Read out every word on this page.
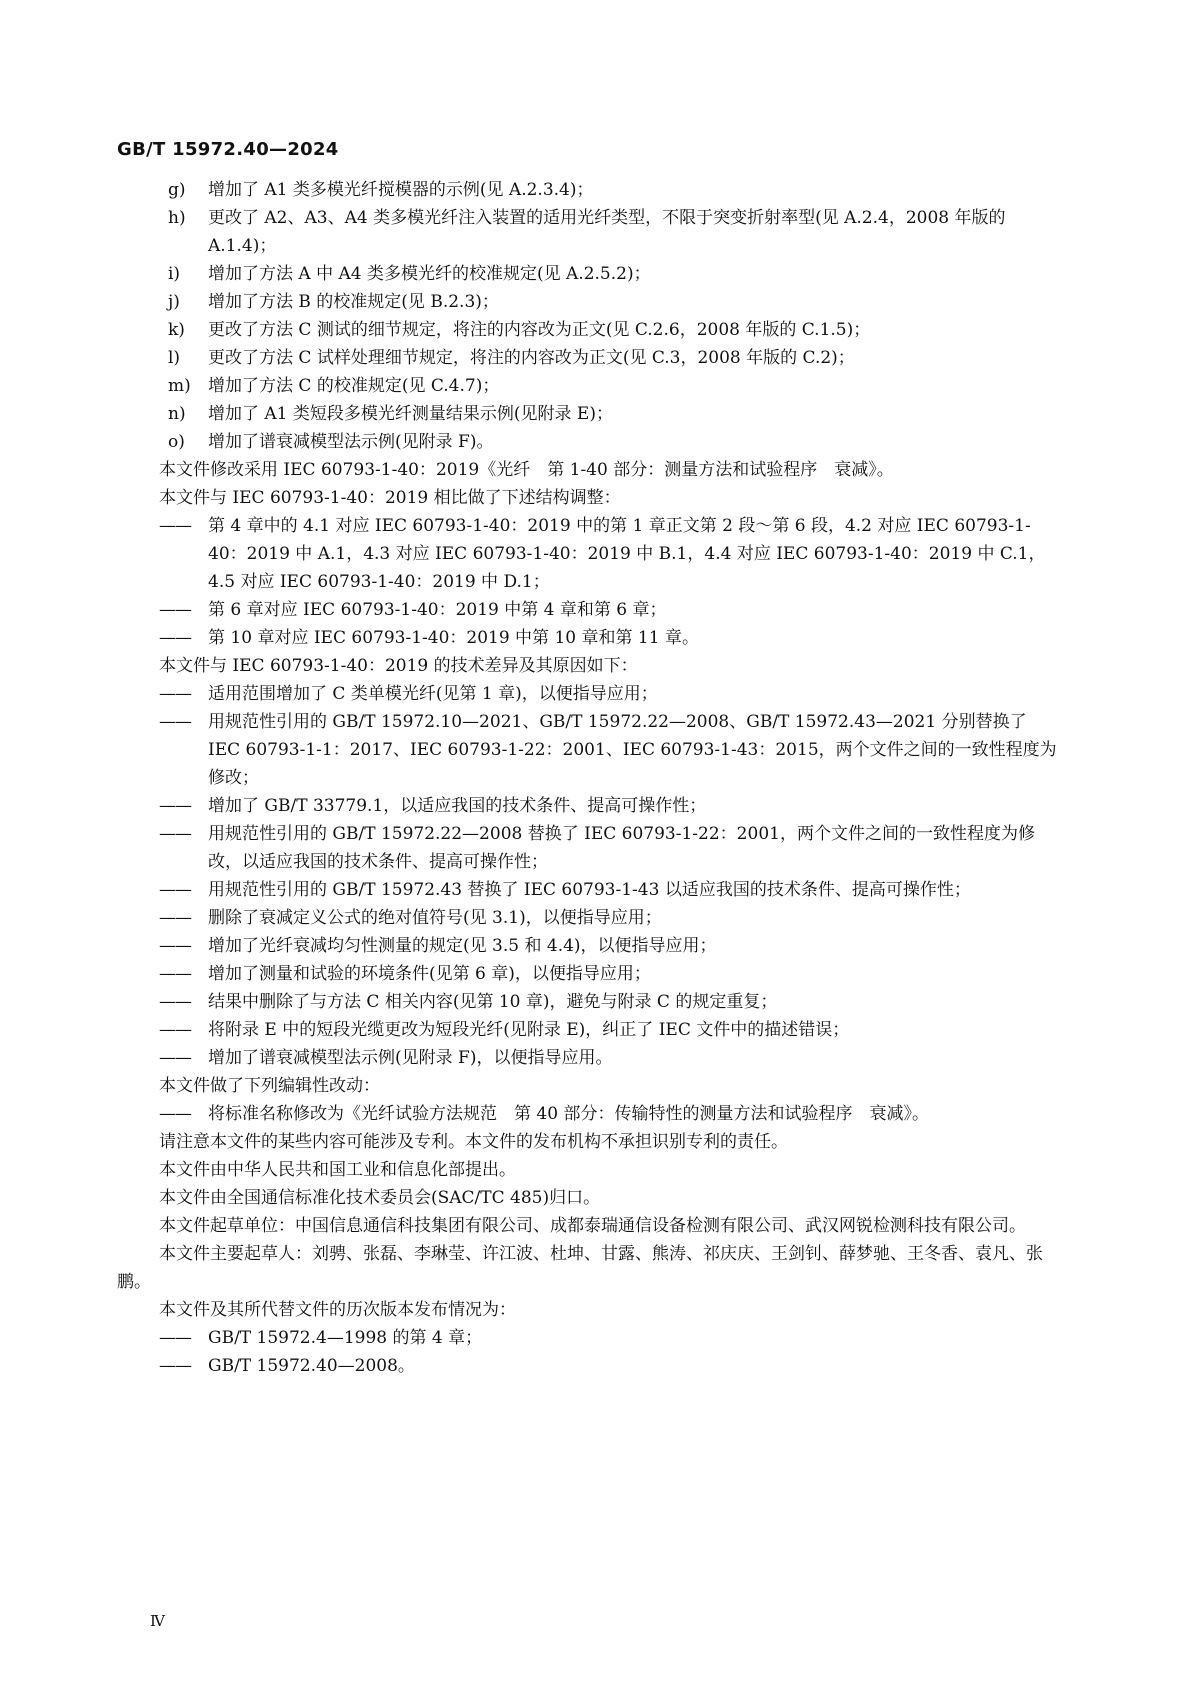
GB/T 15972.40—2024
g) 增加了 A1 类多模光纤搅模器的示例(见 A.2.3.4)；
h) 更改了 A2、A3、A4 类多模光纤注入装置的适用光纤类型，不限于突变折射率型(见 A.2.4，2008 年版的 A.1.4)；
i) 增加了方法 A 中 A4 类多模光纤的校准规定(见 A.2.5.2)；
j) 增加了方法 B 的校准规定(见 B.2.3)；
k) 更改了方法 C 测试的细节规定，将注的内容改为正文(见 C.2.6，2008 年版的 C.1.5)；
l) 更改了方法 C 试样处理细节规定，将注的内容改为正文(见 C.3，2008 年版的 C.2)；
m) 增加了方法 C 的校准规定(见 C.4.7)；
n) 增加了 A1 类短段多模光纤测量结果示例(见附录 E)；
o) 增加了谱衰减模型法示例(见附录 F)。
本文件修改采用 IEC 60793-1-40：2019《光纤　第 1-40 部分：测量方法和试验程序　衰减》。
本文件与 IEC 60793-1-40：2019 相比做了下述结构调整：
—— 第 4 章中的 4.1 对应 IEC 60793-1-40：2019 中的第 1 章正文第 2 段～第 6 段，4.2 对应 IEC 60793-1-40：2019 中 A.1，4.3 对应 IEC 60793-1-40：2019 中 B.1，4.4 对应 IEC 60793-1-40：2019 中 C.1，4.5 对应 IEC 60793-1-40：2019 中 D.1；
—— 第 6 章对应 IEC 60793-1-40：2019 中第 4 章和第 6 章；
—— 第 10 章对应 IEC 60793-1-40：2019 中第 10 章和第 11 章。
本文件与 IEC 60793-1-40：2019 的技术差异及其原因如下：
—— 适用范围增加了 C 类单模光纤(见第 1 章)，以便指导应用；
—— 用规范性引用的 GB/T 15972.10—2021、GB/T 15972.22—2008、GB/T 15972.43—2021 分别替换了 IEC 60793-1-1：2017、IEC 60793-1-22：2001、IEC 60793-1-43：2015，两个文件之间的一致性程度为修改；
—— 增加了 GB/T 33779.1，以适应我国的技术条件、提高可操作性；
—— 用规范性引用的 GB/T 15972.22—2008 替换了 IEC 60793-1-22：2001，两个文件之间的一致性程度为修改，以适应我国的技术条件、提高可操作性；
—— 用规范性引用的 GB/T 15972.43 替换了 IEC 60793-1-43 以适应我国的技术条件、提高可操作性；
—— 删除了衰减定义公式的绝对值符号(见 3.1)，以便指导应用；
—— 增加了光纤衰减均匀性测量的规定(见 3.5 和 4.4)，以便指导应用；
—— 增加了测量和试验的环境条件(见第 6 章)，以便指导应用；
—— 结果中删除了与方法 C 相关内容(见第 10 章)，避免与附录 C 的规定重复；
—— 将附录 E 中的短段光缆更改为短段光纤(见附录 E)，纠正了 IEC 文件中的描述错误；
—— 增加了谱衰减模型法示例(见附录 F)，以便指导应用。
本文件做了下列编辑性改动：
—— 将标准名称修改为《光纤试验方法规范　第 40 部分：传输特性的测量方法和试验程序　衰减》。
请注意本文件的某些内容可能涉及专利。本文件的发布机构不承担识别专利的责任。
本文件由中华人民共和国工业和信息化部提出。
本文件由全国通信标准化技术委员会(SAC/TC 485)归口。
本文件起草单位：中国信息通信科技集团有限公司、成都泰瑞通信设备检测有限公司、武汉网锐检测科技有限公司。
本文件主要起草人：刘骋、张磊、李琳莹、许江波、杜坤、甘露、熊涛、祁庆庆、王剑钊、薛梦驰、王冬香、袁凡、张鹏。
本文件及其所代替文件的历次版本发布情况为：
—— GB/T 15972.4—1998 的第 4 章；
—— GB/T 15972.40—2008。
Ⅳ
